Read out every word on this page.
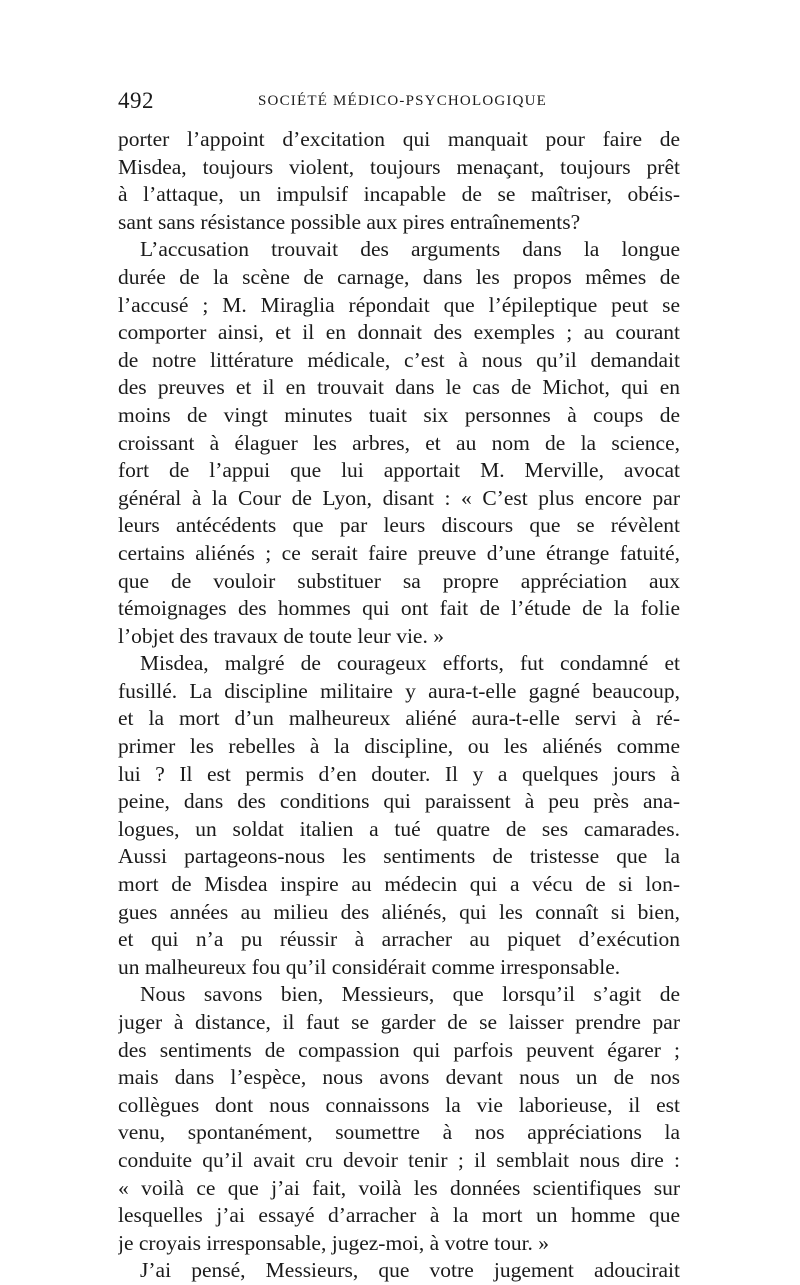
492	SOCIÉTÉ MÉDICO-PSYCHOLOGIQUE
porter l’appoint d’excitation qui manquait pour faire de
Misdea, toujours violent, toujours menaçant, toujours prêt
à l’attaque, un impulsif incapable de se maîtriser, obéis-
sant sans résistance possible aux pires entraînements?
L’accusation trouvait des arguments dans la longue
durée de la scène de carnage, dans les propos mêmes de
l’accusé ; M. Miraglia répondait que l’épileptique peut se
comporter ainsi, et il en donnait des exemples ; au courant
de notre littérature médicale, c’est à nous qu’il demandait
des preuves et il en trouvait dans le cas de Michot, qui en
moins de vingt minutes tuait six personnes à coups de
croissant à élaguer les arbres, et au nom de la science,
fort de l’appui que lui apportait M. Merville, avocat
général à la Cour de Lyon, disant : « C’est plus encore par
leurs antécédents que par leurs discours que se révèlent
certains aliénés ; ce serait faire preuve d’une étrange fatuité,
que de vouloir substituer sa propre appréciation aux
témoignages des hommes qui ont fait de l’étude de la folie
l’objet des travaux de toute leur vie. »
Misdea, malgré de courageux efforts, fut condamné et
fusillé. La discipline militaire y aura-t-elle gagné beaucoup,
et la mort d’un malheureux aliéné aura-t-elle servi à ré-
primer les rebelles à la discipline, ou les aliénés comme
lui ? Il est permis d’en douter. Il y a quelques jours à
peine, dans des conditions qui paraissent à peu près ana-
logues, un soldat italien a tué quatre de ses camarades.
Aussi partageons-nous les sentiments de tristesse que la
mort de Misdea inspire au médecin qui a vécu de si lon-
gues années au milieu des aliénés, qui les connaît si bien,
et qui n’a pu réussir à arracher au piquet d’exécution
un malheureux fou qu’il considérait comme irresponsable.
Nous savons bien, Messieurs, que lorsqu’il s’agit de
juger à distance, il faut se garder de se laisser prendre par
des sentiments de compassion qui parfois peuvent égarer ;
mais dans l’espèce, nous avons devant nous un de nos
collègues dont nous connaissons la vie laborieuse, il est
venu, spontanément, soumettre à nos appréciations la
conduite qu’il avait cru devoir tenir ; il semblait nous dire :
« voilà ce que j’ai fait, voilà les données scientifiques sur
lesquelles j’ai essayé d’arracher à la mort un homme que
je croyais irresponsable, jugez-moi, à votre tour. »
J’ai pensé, Messieurs, que votre jugement adoucirait
